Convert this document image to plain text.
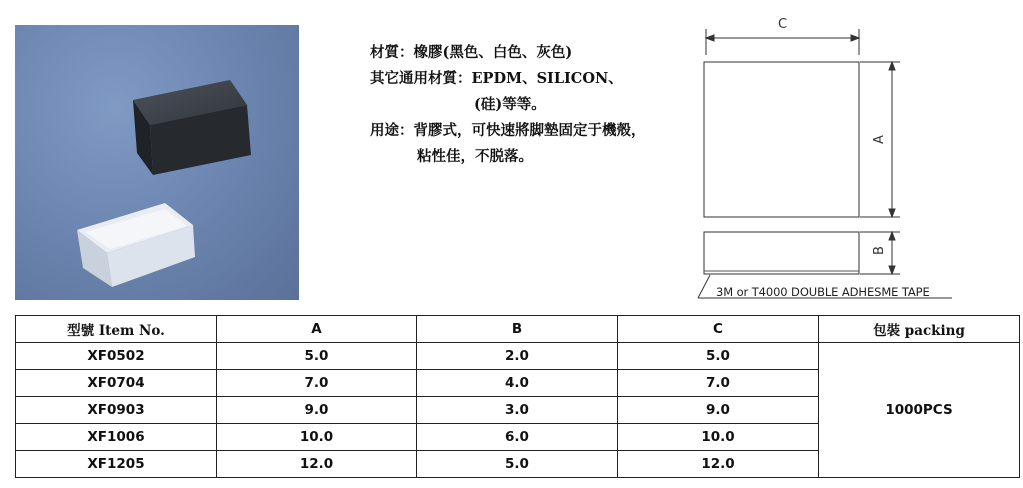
材質：橡膠(黑色、白色、灰色)
其它通用材質：EPDM、SILICON、
(硅)等等。
用途：背膠式，可快速將脚墊固定于機殼，
粘性佳，不脱落。
C
A
B
3M or T4000 DOUBLE ADHESME TAPE
型號 Item No.	A	B	C	包裝 packing
XF0502	5.0	2.0	5.0	1000PCS
XF0704	7.0	4.0	7.0	
XF0903	9.0	3.0	9.0	
XF1006	10.0	6.0	10.0	
XF1205	12.0	5.0	12.0	
